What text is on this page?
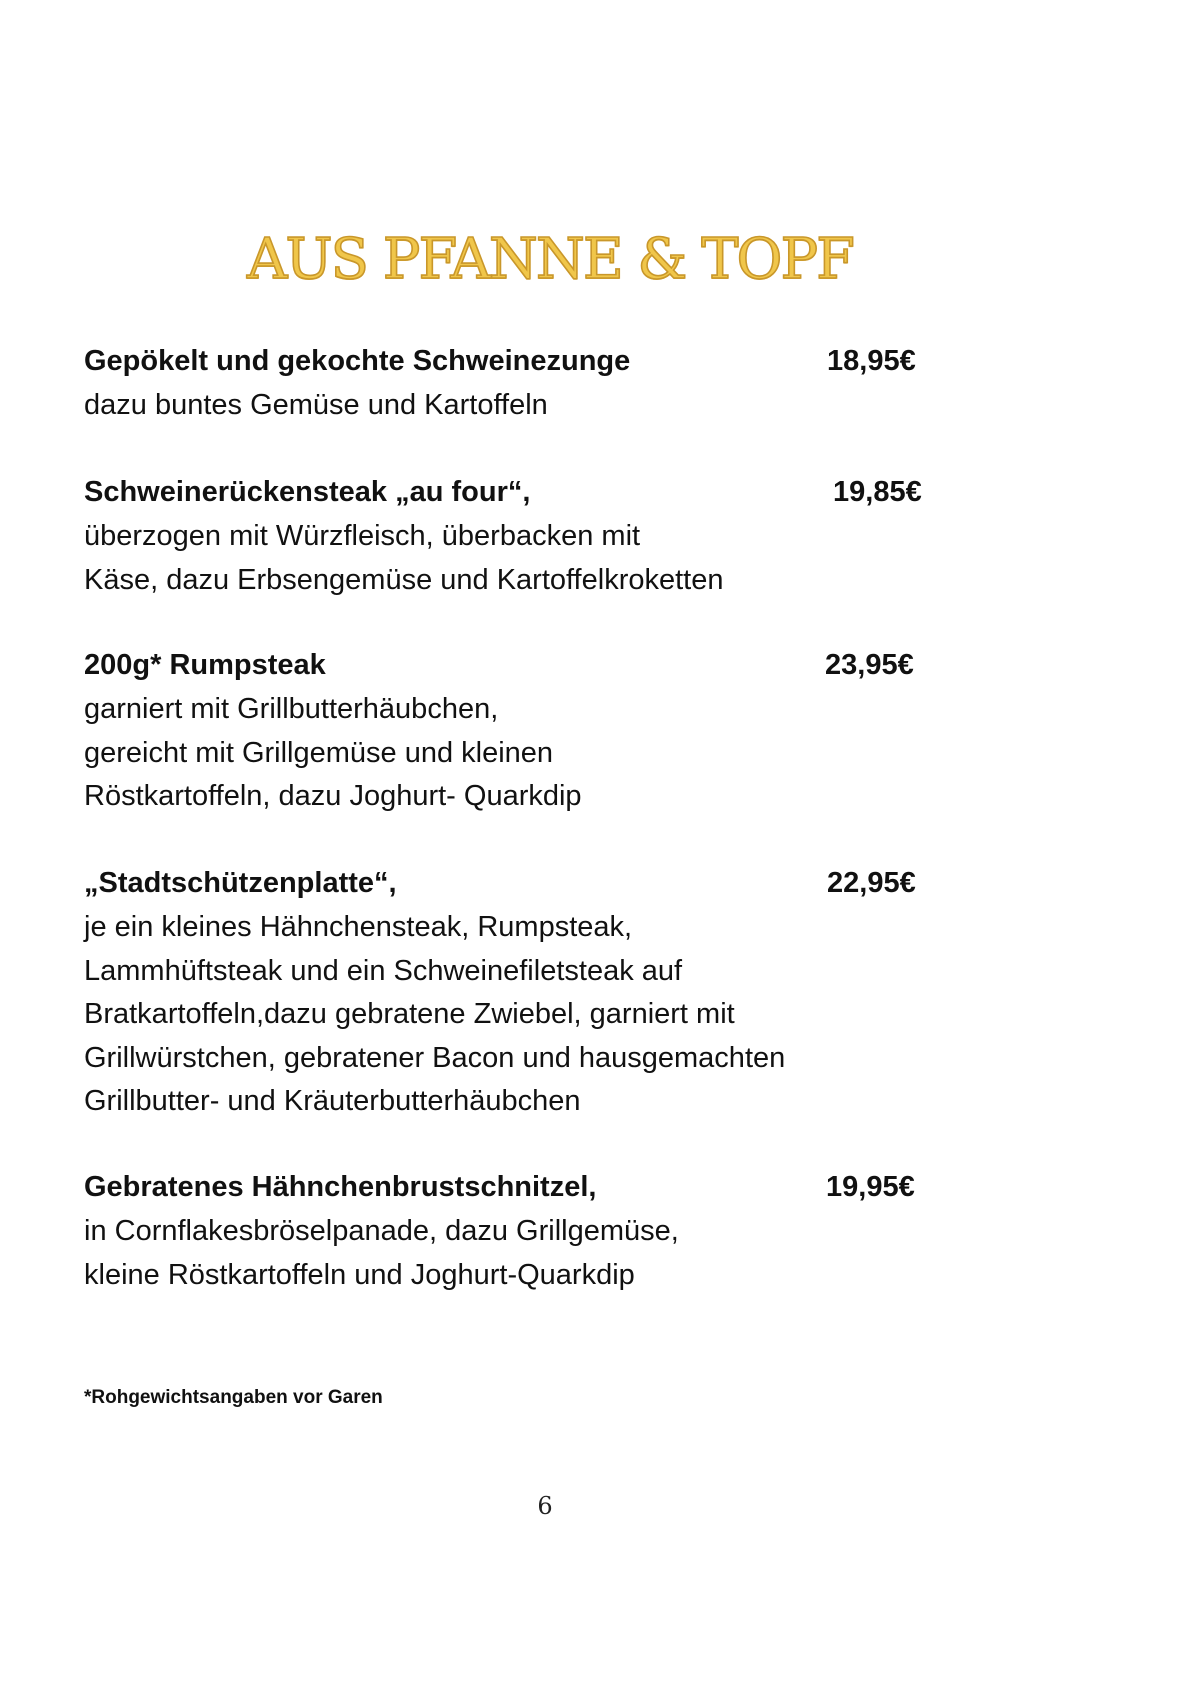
AUS PFANNE & TOPF
Gepökelt und gekochte Schweinezunge	18,95€
dazu buntes Gemüse und Kartoffeln
Schweinerückensteak „au four“,	19,85€
überzogen mit Würzfleisch, überbacken mit
Käse, dazu Erbsengemüse und Kartoffelkroketten
200g* Rumpsteak	23,95€
garniert mit Grillbutterhäubchen,
gereicht mit Grillgemüse und kleinen
Röstkartoffeln, dazu Joghurt- Quarkdip
„Stadtschützenplatte“,	22,95€
je ein kleines Hähnchensteak, Rumpsteak,
Lammhüftsteak und ein Schweinefiletsteak auf
Bratkartoffeln,dazu gebratene Zwiebel, garniert mit
Grillwürstchen, gebratener Bacon und hausgemachten
Grillbutter- und Kräuterbutterhäubchen
Gebratenes Hähnchenbrustschnitzel,	19,95€
in Cornflakesbröselpanade, dazu Grillgemüse,
kleine Röstkartoffeln und Joghurt-Quarkdip
*Rohgewichtsangaben vor Garen
6
